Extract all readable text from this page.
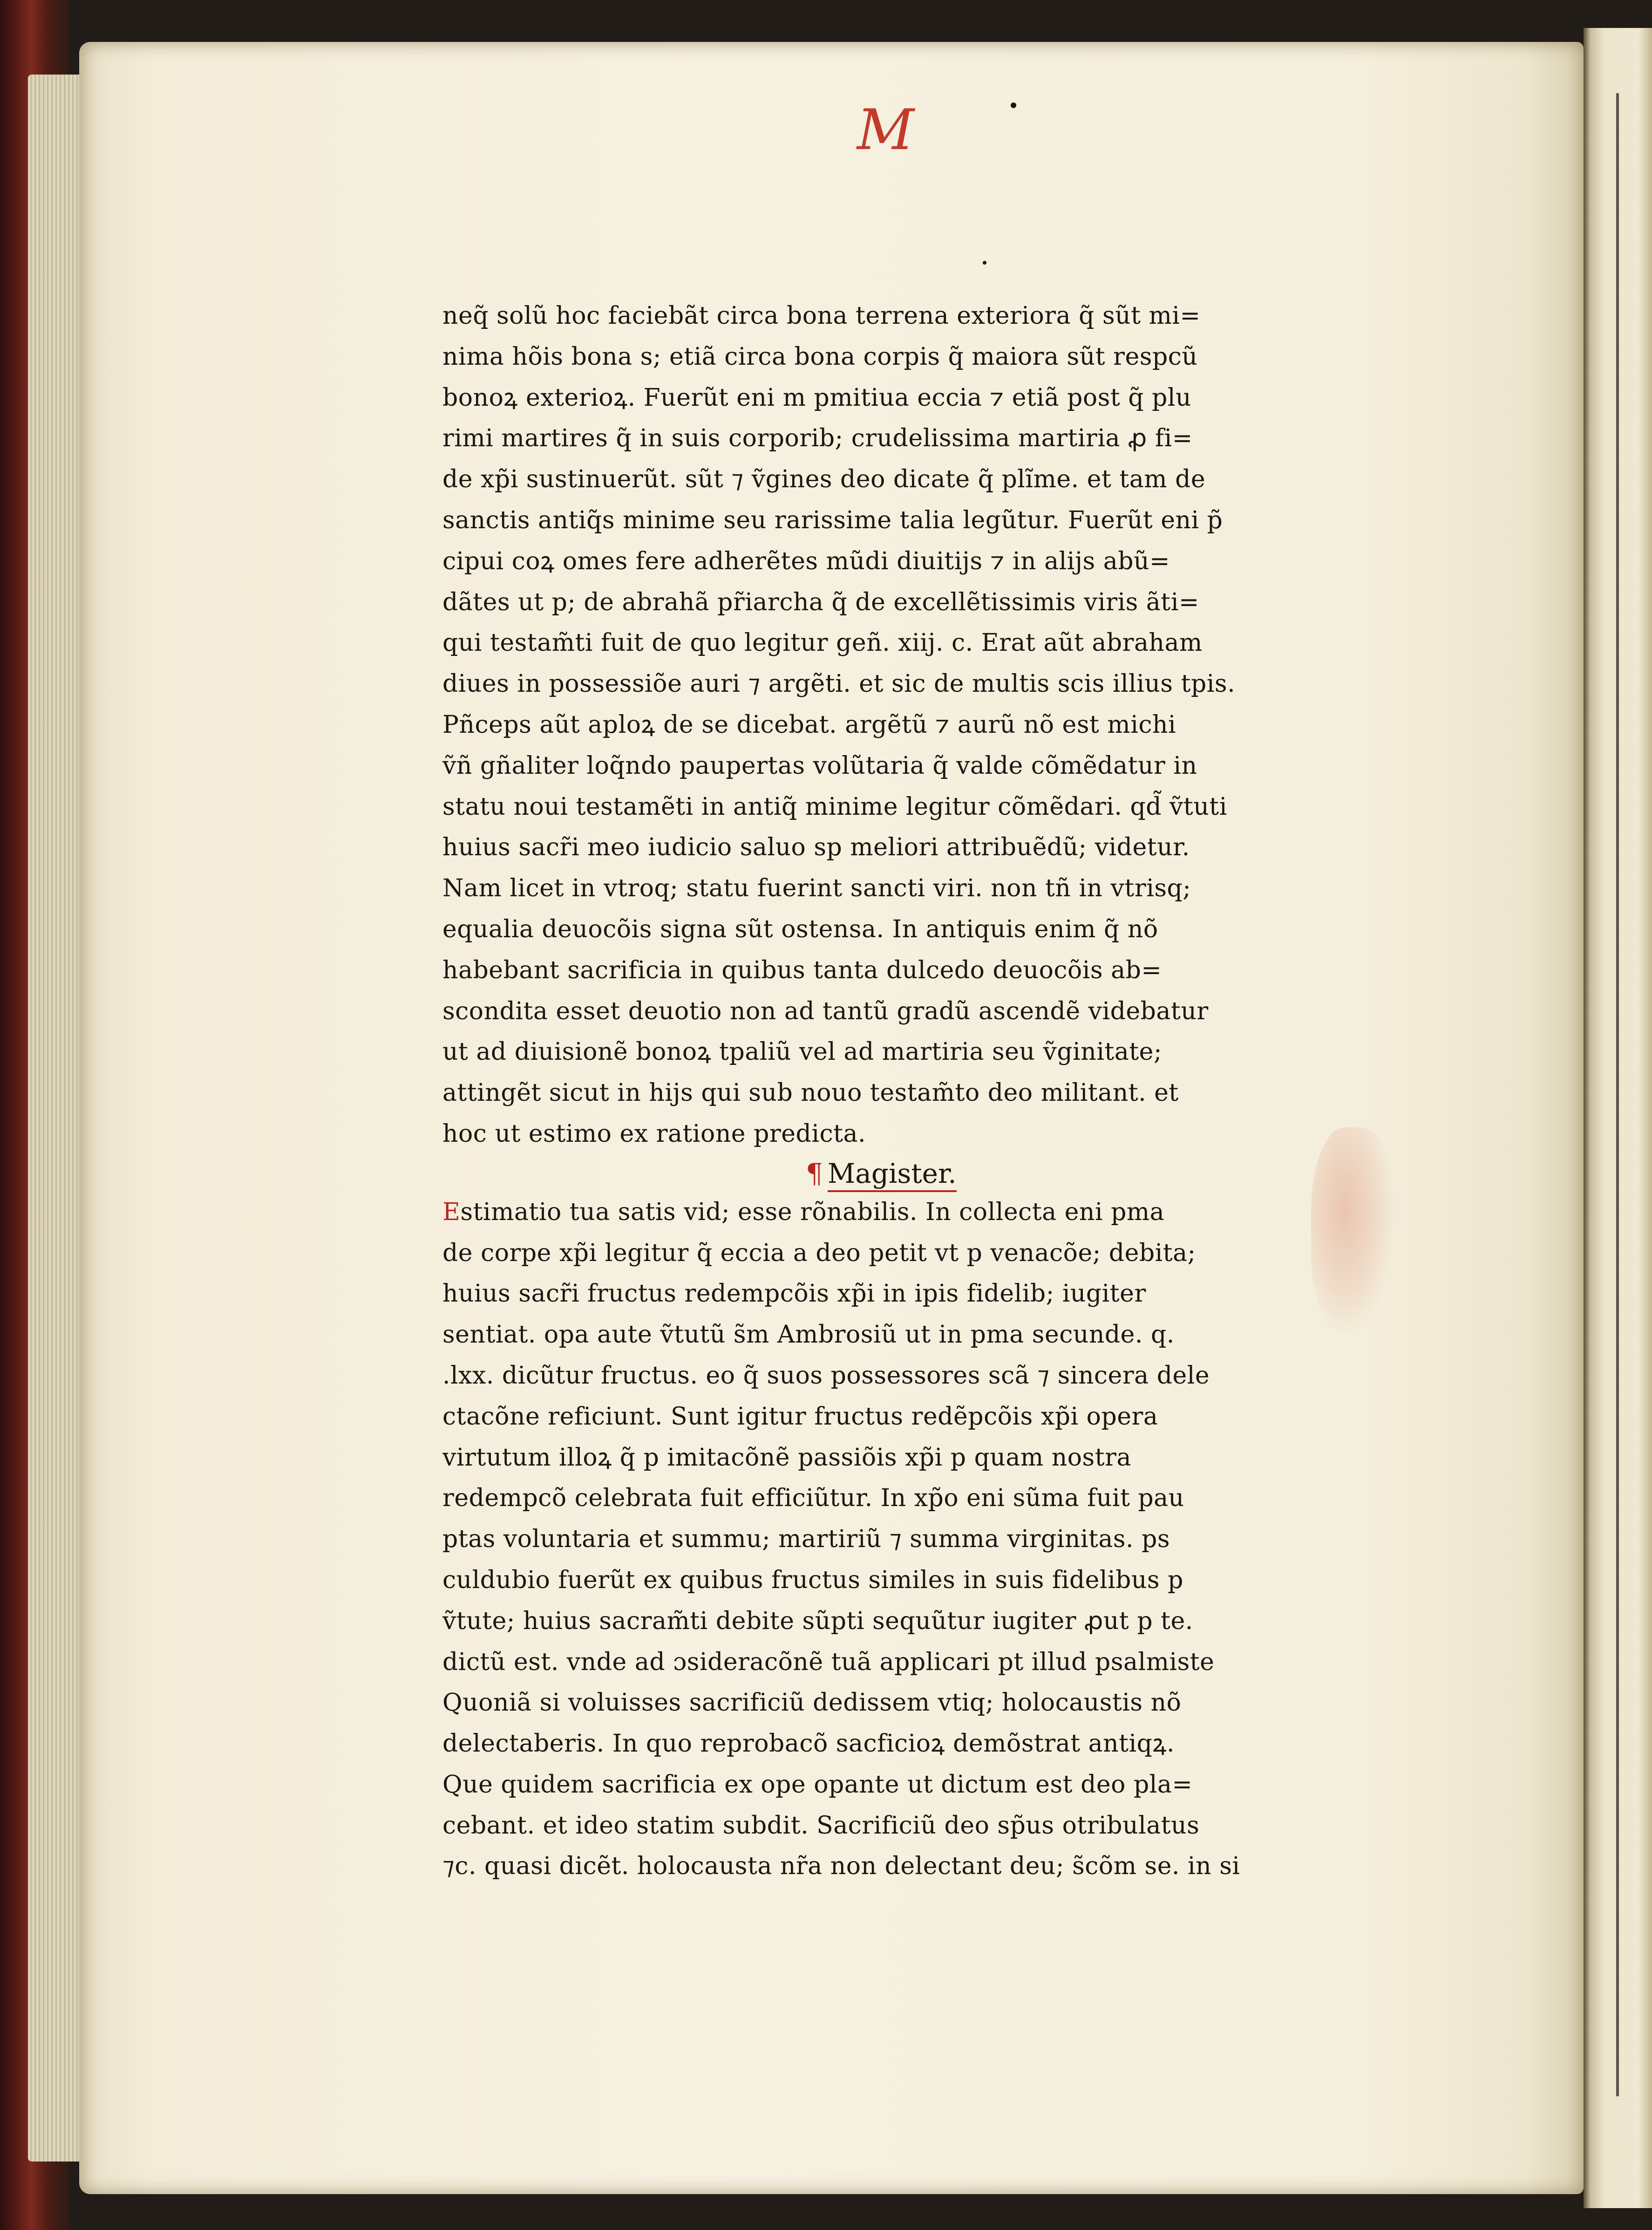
M
neq̃ solũ hoc faciebãt circa bona terrena exteriora q̃ sũt mi=
nima hõis bona s; etiã circa bona corpis q̃ maiora sũt respcũ
bonoꝝ exterioꝝ. Fuerũt eni m pmitiua eccia ⁊ etiã post q̃ plu
rimi martires q̃ in suis corporib; crudelissima martiria ꝓ fi=
de xp̃i sustinuerũt. sũt ⁊ ṽgines deo dicate q̃ plĩme. et tam de
sanctis antiq̃s minime seu rarissime talia legũtur. Fuerũt eni p̃
cipui coꝝ omes fere adherẽtes mũdi diuitijs ⁊ in alijs abũ=
dãtes ut p; de abrahã pr̃iarcha q̃ de excellẽtissimis viris ãti=
qui testam̃ti fuit de quo legitur geñ. xiij. c. Erat aũt abraham
diues in possessiõe auri ⁊ argẽti. et sic de multis scis illius tpis.
Pñceps aũt aploꝝ de se dicebat. argẽtũ ⁊ aurũ nõ est michi
ṽñ gñaliter loq̃ndo paupertas volũtaria q̃ valde cõmẽdatur in
statu noui testamẽti in antiq̃ minime legitur cõmẽdari. qd̃ ṽtuti
huius sacr̃i meo iudicio saluo sp meliori attribuẽdũ; videtur.
Nam licet in vtroq; statu fuerint sancti viri. non tñ in vtrisq;
equalia deuocõis signa sũt ostensa. In antiquis enim q̃ nõ
habebant sacrificia in quibus tanta dulcedo deuocõis ab=
scondita esset deuotio non ad tantũ gradũ ascendẽ videbatur
ut ad diuisionẽ bonoꝝ tpaliũ vel ad martiria seu ṽginitate;
attingẽt sicut in hijs qui sub nouo testam̃to deo militant. et
hoc ut estimo ex ratione predicta.
¶ Magister.
Estimatio tua satis vid; esse rõnabilis. In collecta eni pma
de corpe xp̃i legitur q̃ eccia a deo petit vt p venacõe; debita;
huius sacr̃i fructus redempcõis xp̃i in ipis fidelib; iugiter
sentiat. opa aute ṽtutũ s̃m Ambrosiũ ut in pma secunde. q.
.lxx. dicũtur fructus. eo q̃ suos possessores scã ⁊ sincera dele
ctacõne reficiunt. Sunt igitur fructus redẽpcõis xp̃i opera
virtutum illoꝝ q̃ p imitacõnẽ passiõis xp̃i p quam nostra
redempcõ celebrata fuit efficiũtur. In xp̃o eni sũma fuit pau
ptas voluntaria et summu; martiriũ ⁊ summa virginitas. ps
culdubio fuerũt ex quibus fructus similes in suis fidelibus p
ṽtute; huius sacram̃ti debite sũpti sequũtur iugiter ꝓut p te.
dictũ est. vnde ad ɔsideracõnẽ tuã applicari pt illud psalmiste
Quoniã si voluisses sacrificiũ dedissem vtiq; holocaustis nõ
delectaberis. In quo reprobacõ sacficioꝝ demõstrat antiqꝝ.
Que quidem sacrificia ex ope opante ut dictum est deo pla=
cebant. et ideo statim subdit. Sacrificiũ deo sp̃us otribulatus
⁊c. quasi dicẽt. holocausta nr̃a non delectant deu; s̃cõm se. in si
